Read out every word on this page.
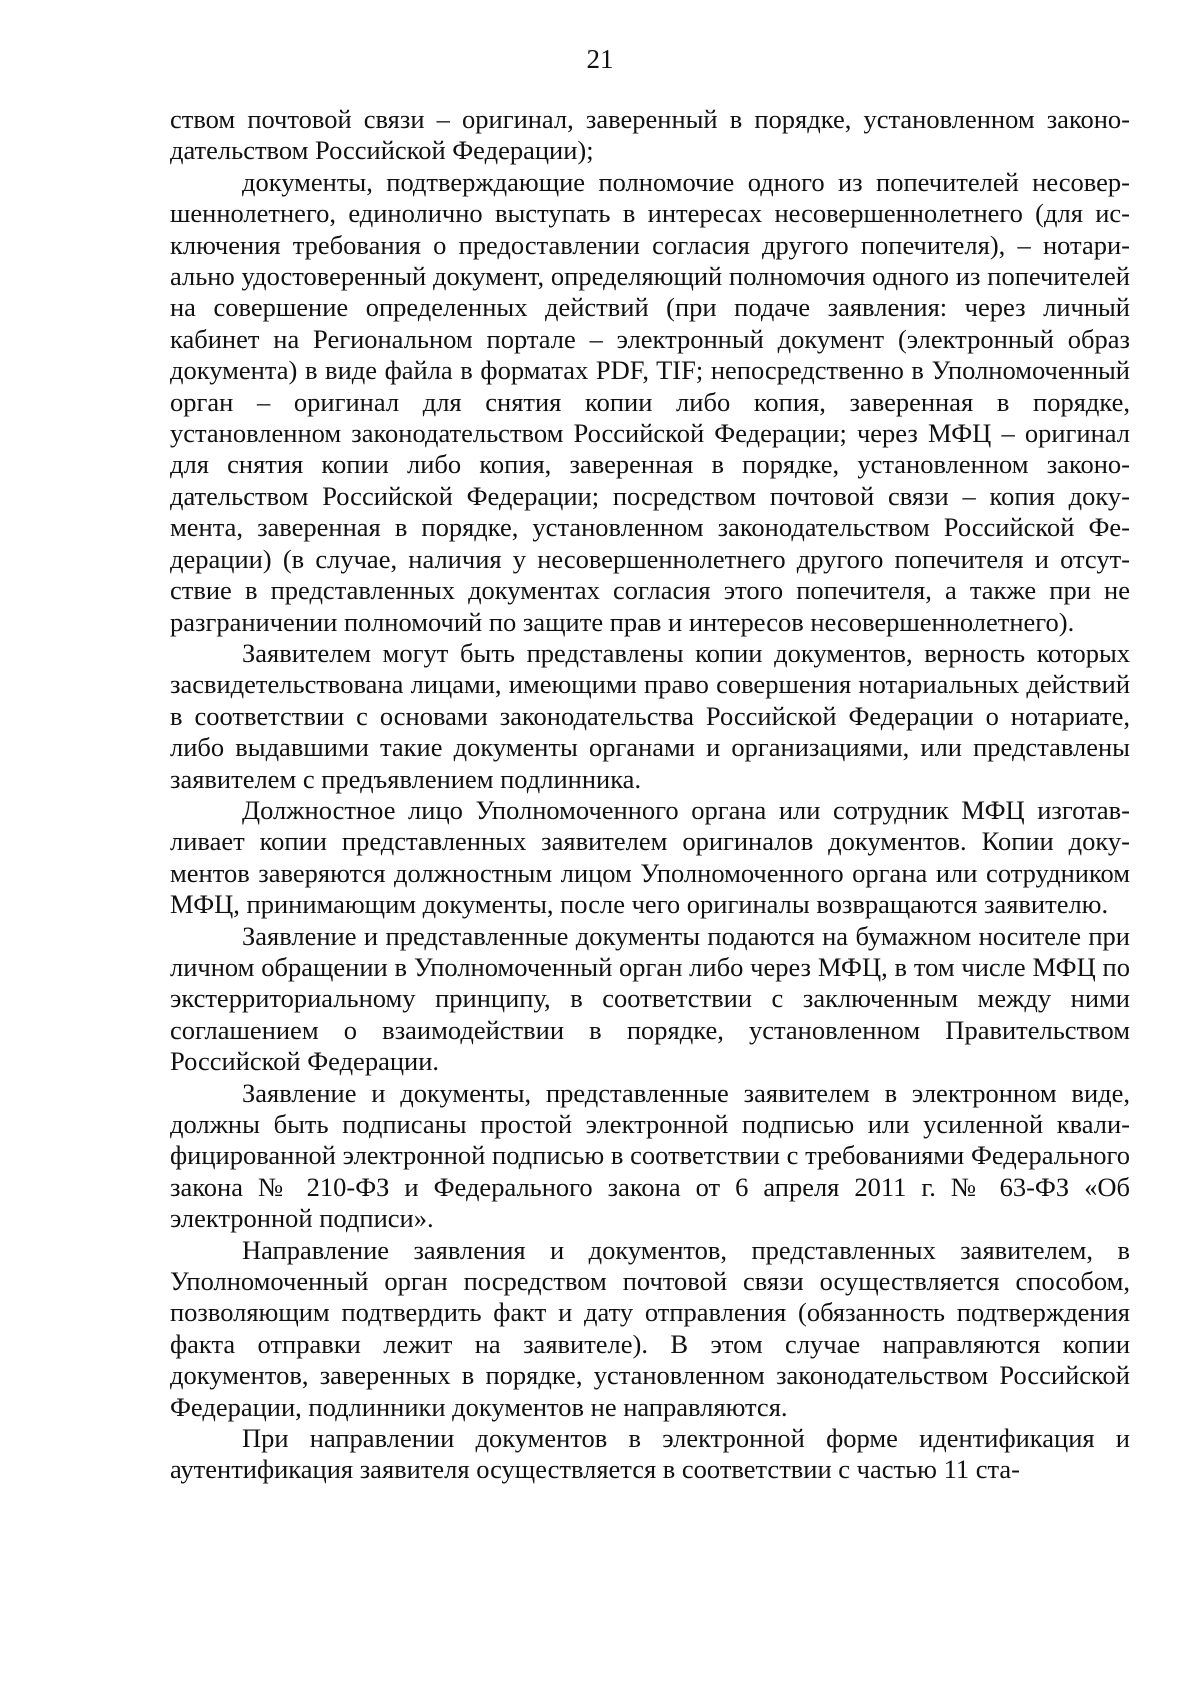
21

ством почтовой связи – оригинал, заверенный в порядке, установленном законодательством Российской Федерации);

документы, подтверждающие полномочие одного из попечителей несовершеннолетнего, единолично выступать в интересах несовершеннолетнего (для исключения требования о предоставлении согласия другого попечителя), – нотариально удостоверенный документ, определяющий полномочия одного из попечителей на совершение определенных действий (при подаче заявления: через личный кабинет на Региональном портале – электронный документ (электронный образ документа) в виде файла в форматах PDF, TIF; непосредственно в Уполномоченный орган – оригинал для снятия копии либо копия, заверенная в порядке, установленном законодательством Российской Федерации; через МФЦ – оригинал для снятия копии либо копия, заверенная в порядке, установленном законодательством Российской Федерации; посредством почтовой связи – копия документа, заверенная в порядке, установленном законодательством Российской Федерации) (в случае, наличия у несовершеннолетнего другого попечителя и отсутствие в представленных документах согласия этого попечителя, а также при не разграничении полномочий по защите прав и интересов несовершеннолетнего).

Заявителем могут быть представлены копии документов, верность которых засвидетельствована лицами, имеющими право совершения нотариальных действий в соответствии с основами законодательства Российской Федерации о нотариате, либо выдавшими такие документы органами и организациями, или представлены заявителем с предъявлением подлинника.

Должностное лицо Уполномоченного органа или сотрудник МФЦ изготавливает копии представленных заявителем оригиналов документов. Копии документов заверяются должностным лицом Уполномоченного органа или сотрудником МФЦ, принимающим документы, после чего оригиналы возвращаются заявителю.

Заявление и представленные документы подаются на бумажном носителе при личном обращении в Уполномоченный орган либо через МФЦ, в том числе МФЦ по экстерриториальному принципу, в соответствии с заключенным между ними соглашением о взаимодействии в порядке, установленном Правительством Российской Федерации.

Заявление и документы, представленные заявителем в электронном виде, должны быть подписаны простой электронной подписью или усиленной квалифицированной электронной подписью в соответствии с требованиями Федерального закона № 210-ФЗ и Федерального закона от 6 апреля 2011 г. № 63-ФЗ «Об электронной подписи».

Направление заявления и документов, представленных заявителем, в Уполномоченный орган посредством почтовой связи осуществляется способом, позволяющим подтвердить факт и дату отправления (обязанность подтверждения факта отправки лежит на заявителе). В этом случае направляются копии документов, заверенных в порядке, установленном законодательством Российской Федерации, подлинники документов не направляются.

При направлении документов в электронной форме идентификация и аутентификация заявителя осуществляется в соответствии с частью 11 ста-
